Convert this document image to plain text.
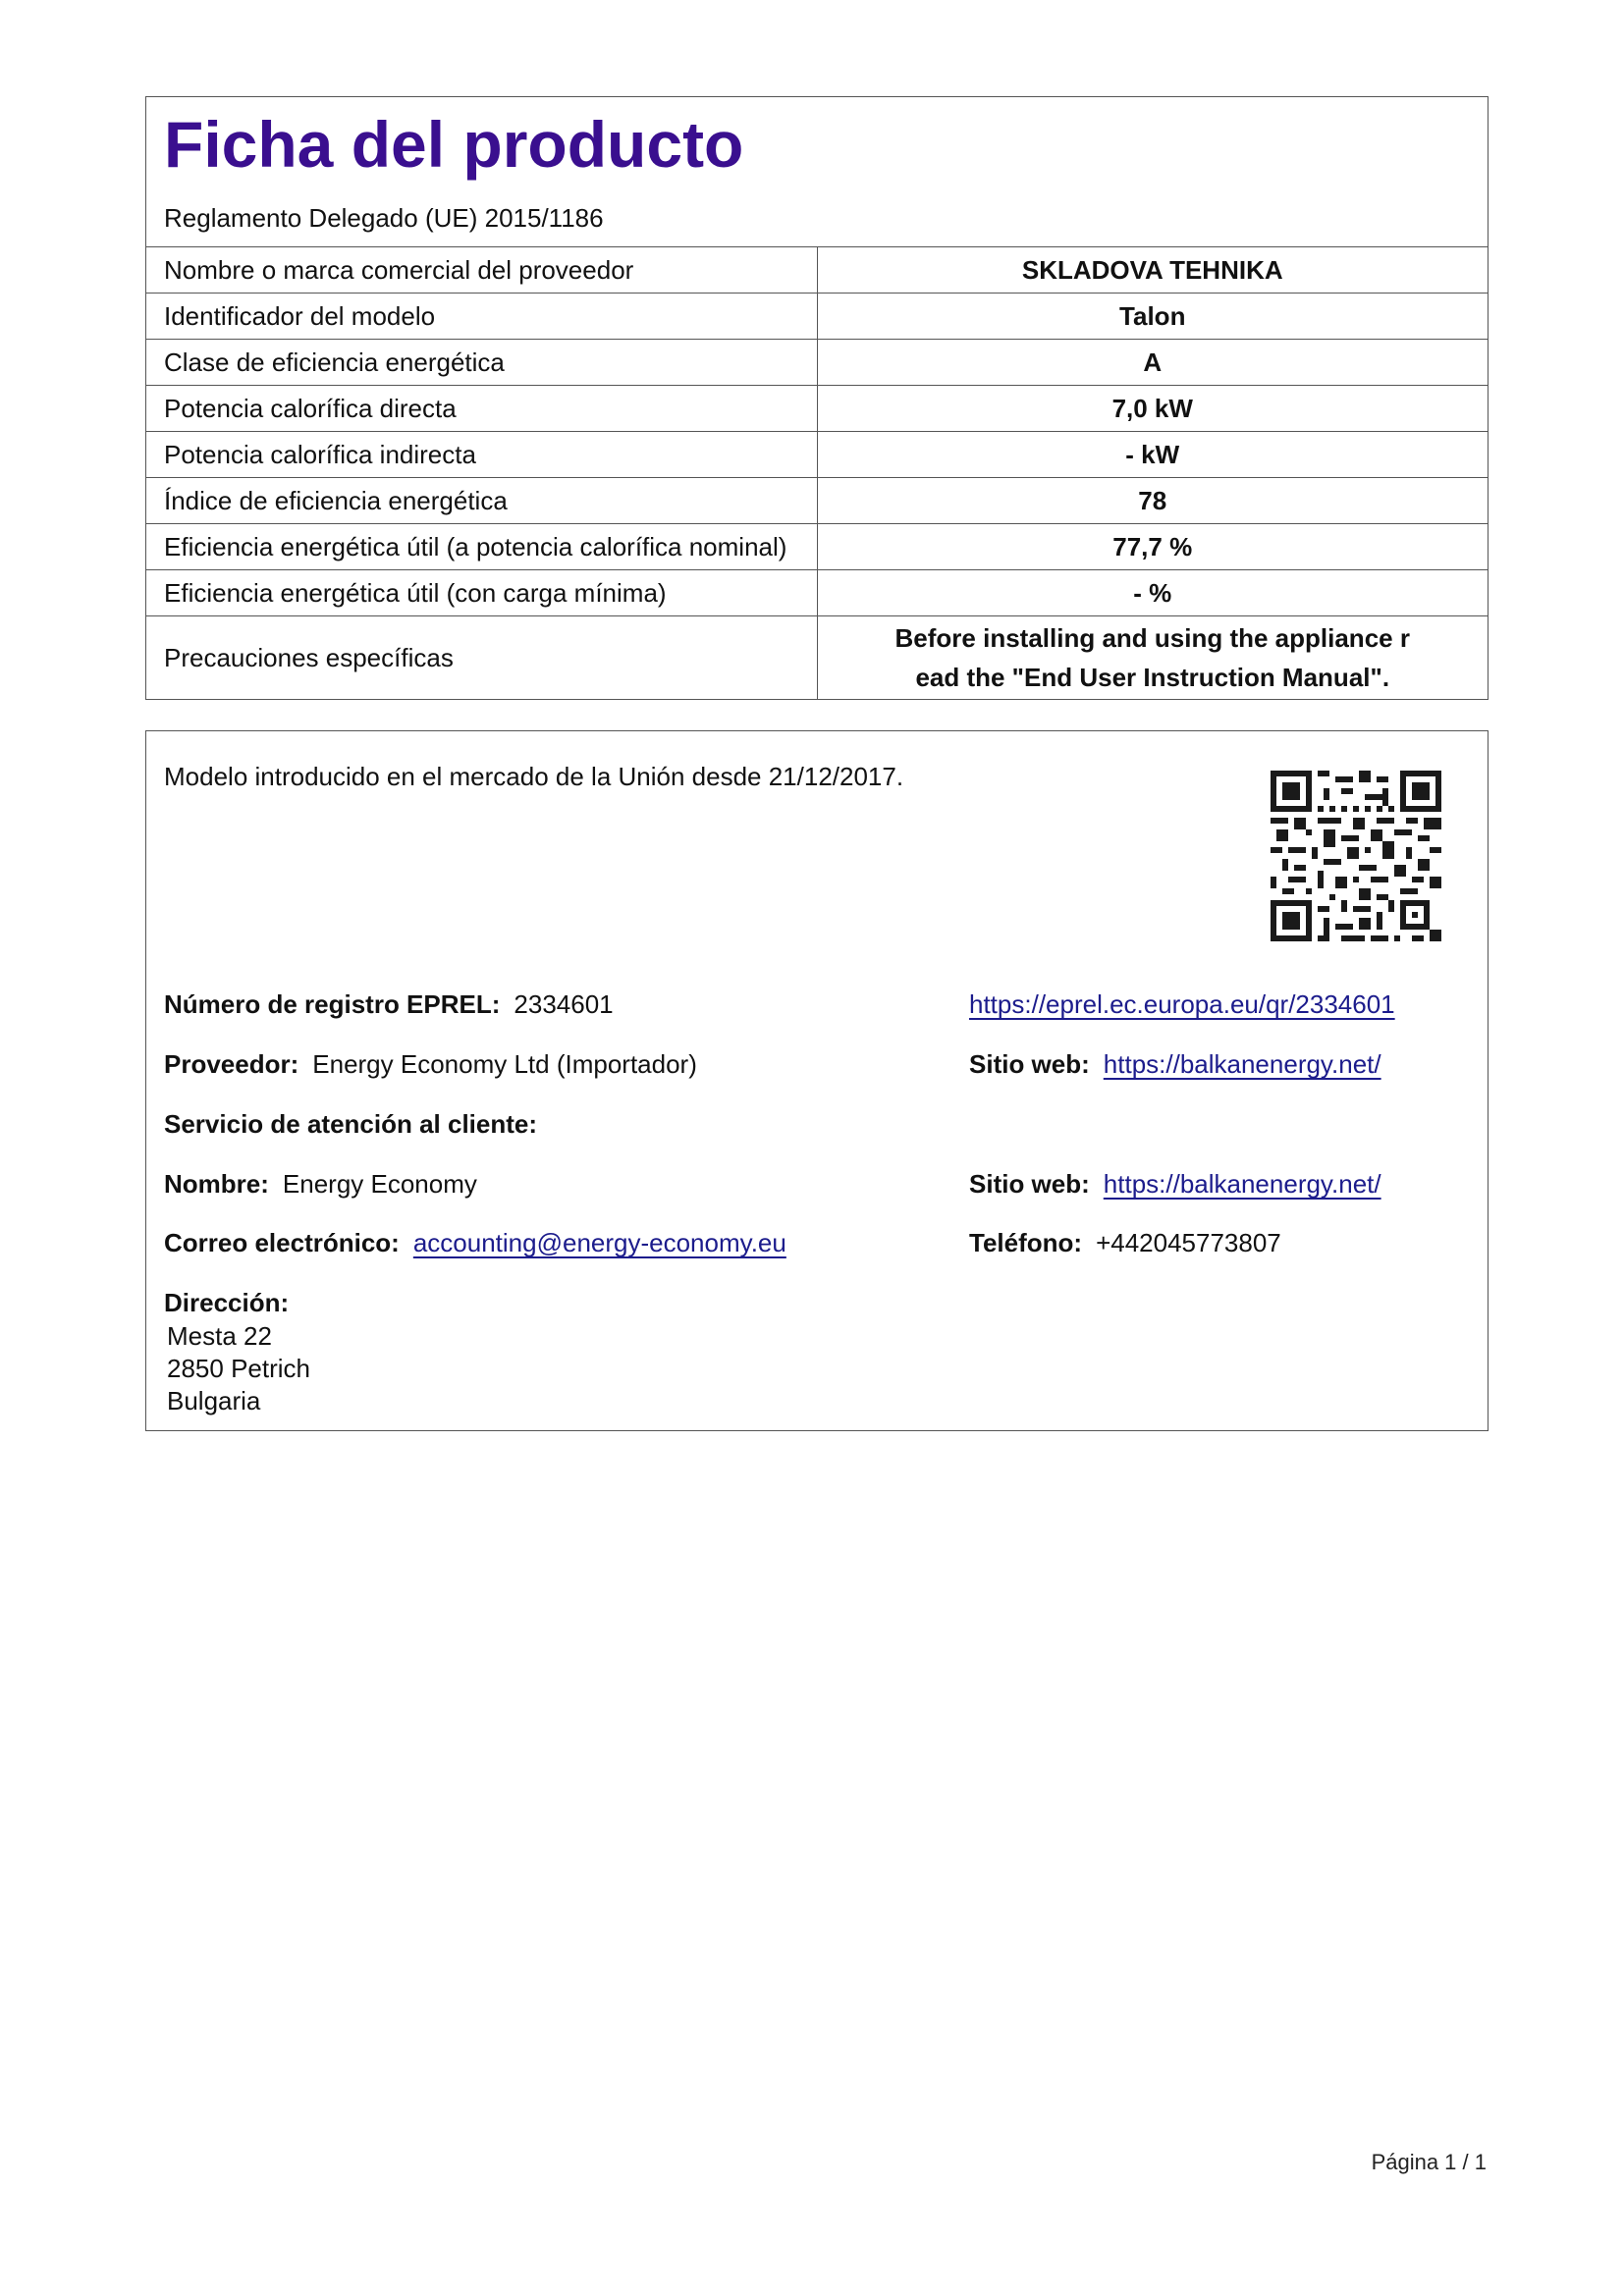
Ficha del producto
Reglamento Delegado (UE) 2015/1186
Nombre o marca comercial del proveedor	SKLADOVA TEHNIKA
Identificador del modelo	Talon
Clase de eficiencia energética	A
Potencia calorífica directa	7,0 kW
Potencia calorífica indirecta	- kW
Índice de eficiencia energética	78
Eficiencia energética útil (a potencia calorífica nominal)	77,7 %
Eficiencia energética útil (con carga mínima)	- %
Precauciones específicas	Before installing and using the appliance r
ead the "End User Instruction Manual".
Modelo introducido en el mercado de la Unión desde 21/12/2017.
Número de registro EPREL: 2334601	https://eprel.ec.europa.eu/qr/2334601
Proveedor: Energy Economy Ltd (Importador)	Sitio web: https://balkanenergy.net/
Servicio de atención al cliente:
Nombre: Energy Economy	Sitio web: https://balkanenergy.net/
Correo electrónico: accounting@energy-economy.eu	Teléfono: +442045773807
Dirección:
Mesta 22
2850 Petrich
Bulgaria
Página 1 / 1
